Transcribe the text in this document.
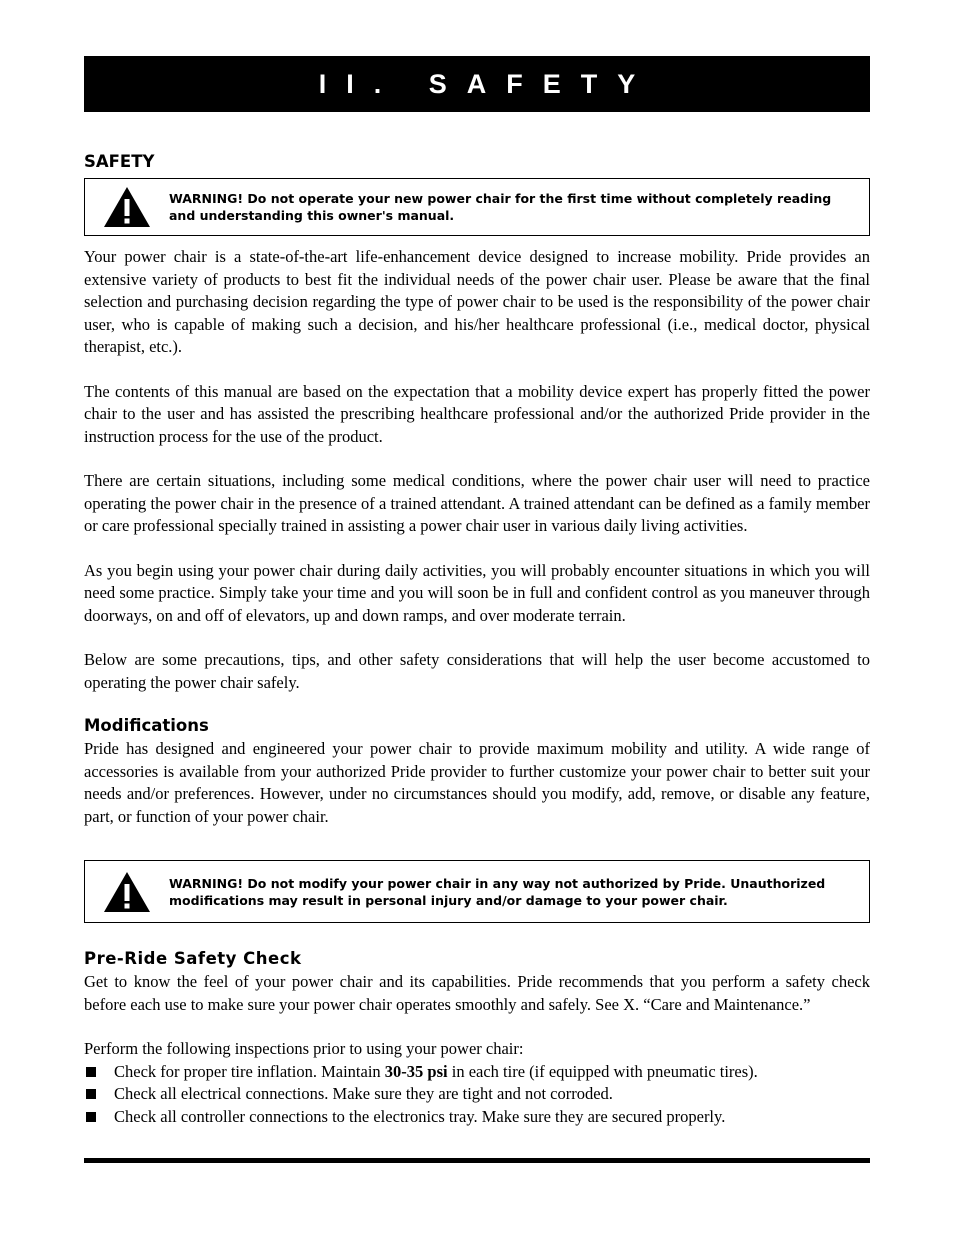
II. SAFETY
SAFETY
WARNING! Do not operate your new power chair for the first time without completely reading and understanding this owner's manual.

Your power chair is a state-of-the-art life-enhancement device designed to increase mobility. Pride provides an extensive variety of products to best fit the individual needs of the power chair user. Please be aware that the final selection and purchasing decision regarding the type of power chair to be used is the responsibility of the power chair user, who is capable of making such a decision, and his/her healthcare professional (i.e., medical doctor, physical therapist, etc.).

The contents of this manual are based on the expectation that a mobility device expert has properly fitted the power chair to the user and has assisted the prescribing healthcare professional and/or the authorized Pride provider in the instruction process for the use of the product.

There are certain situations, including some medical conditions, where the power chair user will need to practice operating the power chair in the presence of a trained attendant. A trained attendant can be defined as a family member or care professional specially trained in assisting a power chair user in various daily living activities.

As you begin using your power chair during daily activities, you will probably encounter situations in which you will need some practice. Simply take your time and you will soon be in full and confident control as you maneuver through doorways, on and off of elevators, up and down ramps, and over moderate terrain.

Below are some precautions, tips, and other safety considerations that will help the user become accustomed to operating the power chair safely.

Modifications

Pride has designed and engineered your power chair to provide maximum mobility and utility. A wide range of accessories is available from your authorized Pride provider to further customize your power chair to better suit your needs and/or preferences. However, under no circumstances should you modify, add, remove, or disable any feature, part, or function of your power chair.

WARNING! Do not modify your power chair in any way not authorized by Pride. Unauthorized modifications may result in personal injury and/or damage to your power chair.
Pre-Ride Safety Check

Get to know the feel of your power chair and its capabilities. Pride recommends that you perform a safety check before each use to make sure your power chair operates smoothly and safely. See X. “Care and Maintenance.”

Perform the following inspections prior to using your power chair:

Check for proper tire inflation. Maintain 30-35 psi in each tire (if equipped with pneumatic tires).
Check all electrical connections. Make sure they are tight and not corroded.
Check all controller connections to the electronics tray. Make sure they are secured properly.
